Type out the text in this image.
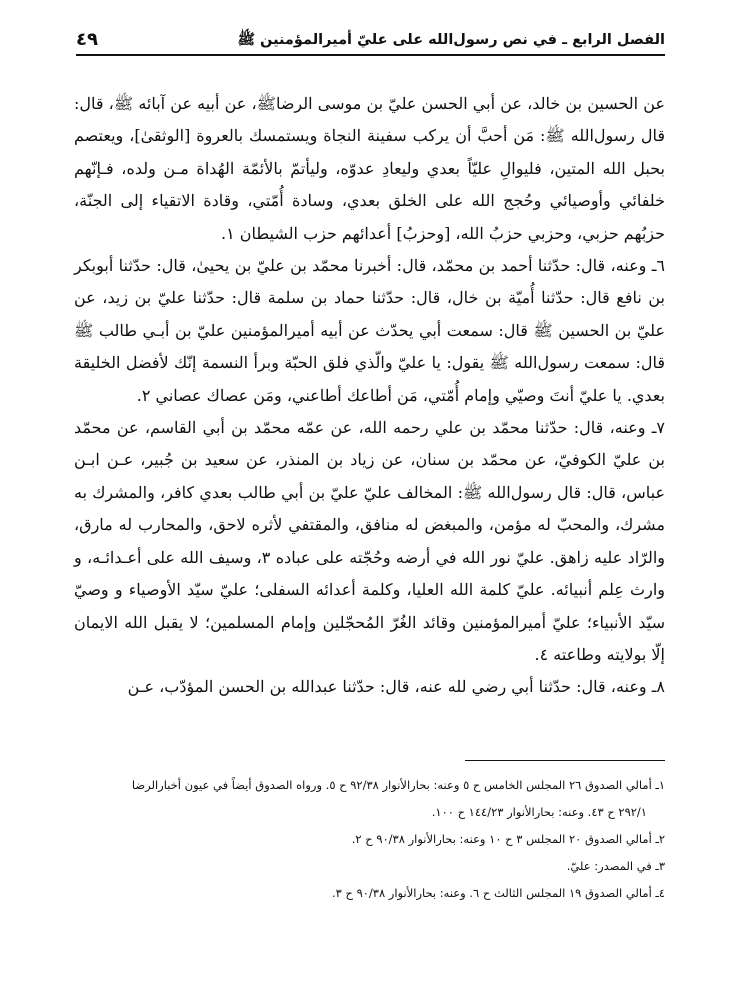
الفصل الرابع ـ في نص رسول‌الله على عليّ أميرالمؤمنين ﷺ
٤٩

عن الحسين بن خالد، عن أبي الحسن عليّ بن موسى الرضاﷺ، عن أبيه عن آبائه ﷺ، قال: قال رسول‌الله ﷺ: مَن أحبَّ أن يركب سفينة النجاة ويستمسك بالعروة [الوثقىٰ]، ويعتصم بحبل الله المتين، فليوالِ عليّاً بعدي وليعادِ عدوّه، وليأتمّ بالأئمّة الهُداة مـن ولده، فـإنّهم خلفائي وأوصيائي وحُجج الله على الخلق بعدي، وسادة أُمّتي، وقادة الاتقياء إلى الجنّة، حزبُهم حزبي، وحزبي حزبُ الله، [وحزبُ] أعدائهم حزب الشيطان ١.

٦ـ وعنه، قال: حدّثنا أحمد بن محمّد، قال: أخبرنا محمّد بن عليّ بن يحيىٰ، قال: حدّثنا أبوبكر بن نافع قال: حدّثنا أُميّة بن خال، قال: حدّثنا حماد بن سلمة قال: حدّثنا عليّ بن زيد، عن عليّ بن الحسين ﷺ قال: سمعت أبي يحدّث عن أبيه أميرالمؤمنين عليّ بن أبـي طالب ﷺ قال: سمعت رسول‌الله ﷺ يقول: يا عليّ والّذي فلق الحبّة وبرأ النسمة إنّك لأفضل الخليقة بعدي. يا عليّ أنتَ وصيّي وإمام أُمّتي، مَن أطاعك أطاعني، ومَن عصاك عصاني ٢.

٧ـ وعنه، قال: حدّثنا محمّد بن علي رحمه الله، عن عمّه محمّد بن أبي القاسم، عن محمّد بن عليّ الكوفيّ، عن محمّد بن سنان، عن زياد بن المنذر، عن سعيد بن جُبير، عـن ابـن عباس، قال: قال رسول‌الله ﷺ: المخالف عليّ عليّ بن أبي طالب بعدي كافر، والمشرك به مشرك، والمحبّ له مؤمن، والمبغض له منافق، والمقتفي لأثره لاحق، والمحارب له مارق، والرّاد عليه زاهق. عليّ نور الله في أرضه وحُجّته على عباده ٣، وسيف الله على أعـدائـه، و وارث عِلم أنبيائه. عليّ كلمة الله العليا، وكلمة أعدائه السفلى؛ عليّ سيّد الأوصياء و وصيّ سيّد الأنبياء؛ عليّ أميرالمؤمنين وقائد الغُرّ المُحجّلين وإمام المسلمين؛ لا يقبل الله الايمان إلّا بولايته وطاعته ٤.

٨ـ وعنه، قال: حدّثنا أبي رضي لله عنه، قال: حدّثنا عبدالله بن الحسن المؤدّب، عـن

١ـ أمالي الصدوق ٢٦ المجلس الخامس ح ٥ وعنه: بحارالأنوار ٩٢/٣٨ ح ٥. ورواه الصدوق أيضاً في عيون أخبارالرضا

٢٩٢/١ ح ٤٣. وعنه: بحارالأنوار ١٤٤/٢٣ ح ١٠٠.

٢ـ أمالي الصدوق ٢٠ المجلس ٣ ح ١٠ وعنه: بحارالأنوار ٩٠/٣٨ ح ٢.

٣ـ في المصدر: عليّ.

٤ـ أمالي الصدوق ١٩ المجلس الثالث ح ٦. وعنه: بحارالأنوار ٩٠/٣٨ ح ٣.
